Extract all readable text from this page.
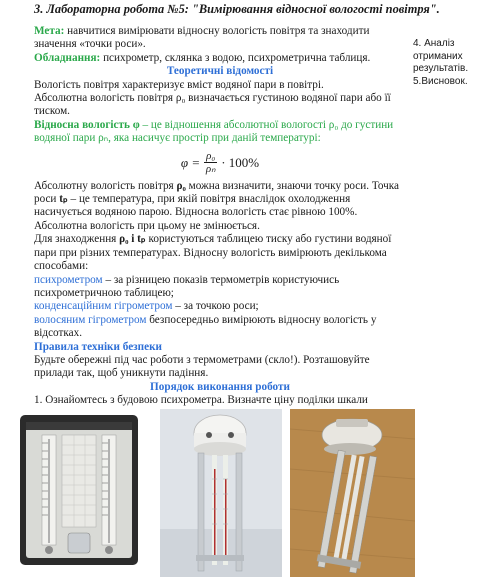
3. Лабораторна робота №5: "Вимірювання відносної вологості повітря".

4. Аналіз отриманих результатів.

5.Висновок.

Мета: навчитися вимірювати відносну вологість повітря та знаходити значення «точки роси».

Обладнання: психрометр, склянка з водою, психрометрична таблиця.

Теоретичні відомості

Вологість повітря характеризує вміст водяної пари в повітрі.

Абсолютна вологість повітря ρ₀ визначається густиною водяної пари або її тиском.

Відносна вологість φ – це відношення абсолютної вологості ρ₀ до густини водяної пари ρₙ, яка насичує простір при даній температурі:

$\varphi = \frac{\text{ρ₀}}{\text{ρₙ}} \cdot 100\%$

Абсолютну вологість повітря ρ₀ можна визначити, знаючи точку роси. Точка роси tₚ – це температура, при якій повітря внаслідок охолодження насичується водяною парою. Відносна вологість стає рівною 100%.

Абсолютна вологість при цьому не змінюється.

Для знаходження ρ₀ і tₚ користуються таблицею тиску або густини водяної пари при різних температурах. Відносну вологість вимірюють декількома способами:

психрометром – за різницею показів термометрів користуючись психрометричною таблицею;

конденсаційним гігрометром – за точкою роси;

волосяним гігрометром безпосередньо вимірюють відносну вологість у відсотках.

Правила техніки безпеки

Будьте обережні під час роботи з термометрами (скло!). Розташовуйте прилади так, щоб уникнути падіння.

Порядок виконання роботи

1. Ознайомтесь з будовою психрометра. Визначте ціну поділки шкали
